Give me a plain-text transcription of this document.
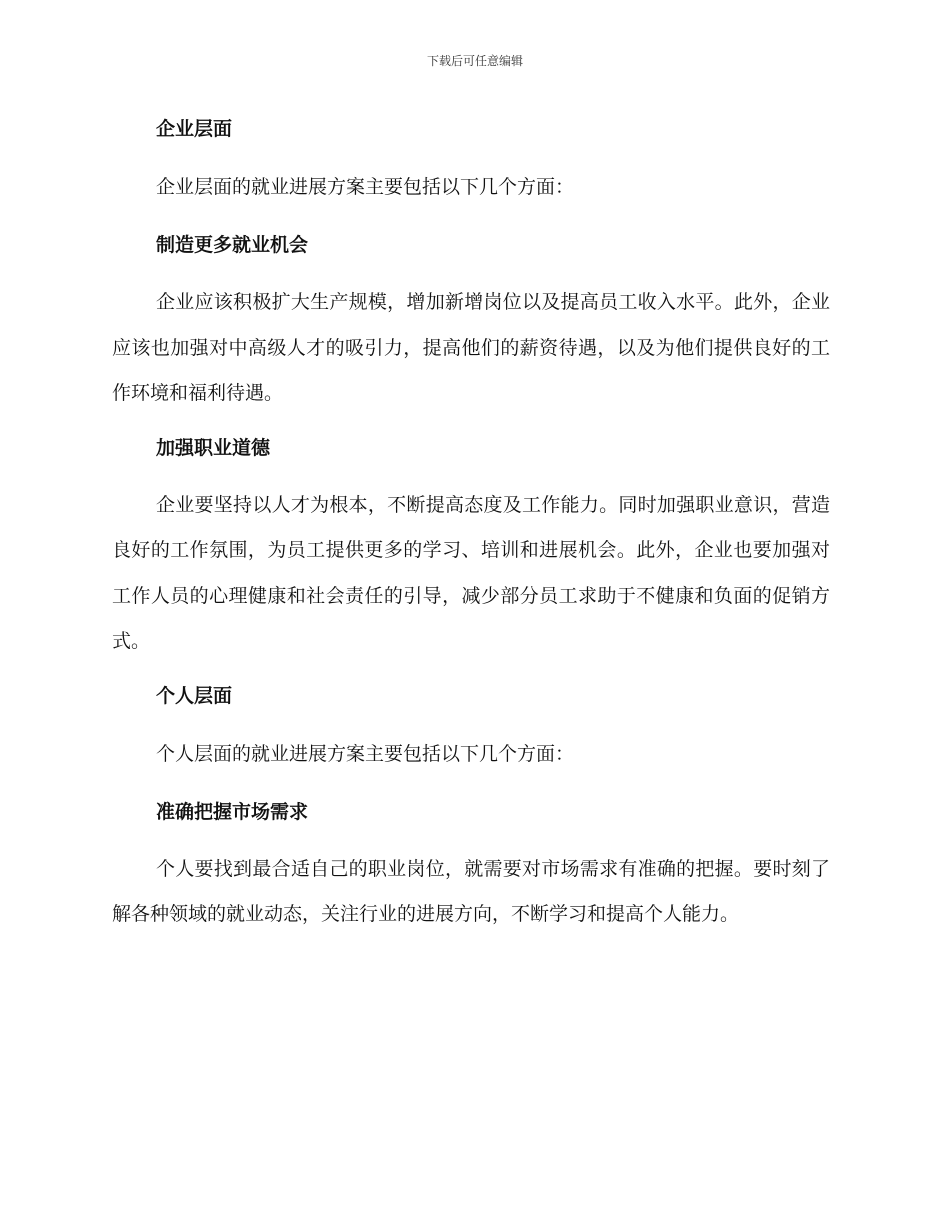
下载后可任意编辑
企业层面
企业层面的就业进展方案主要包括以下几个方面：
制造更多就业机会

企业应该积极扩大生产规模，增加新增岗位以及提高员工收入水平。此外，企业应该也加强对中高级人才的吸引力，提高他们的薪资待遇，以及为他们提供良好的工作环境和福利待遇。

加强职业道德

企业要坚持以人才为根本，不断提高态度及工作能力。同时加强职业意识，营造良好的工作氛围，为员工提供更多的学习、培训和进展机会。此外，企业也要加强对工作人员的心理健康和社会责任的引导，减少部分员工求助于不健康和负面的促销方式。

个人层面
个人层面的就业进展方案主要包括以下几个方面：
准确把握市场需求

个人要找到最合适自己的职业岗位，就需要对市场需求有准确的把握。要时刻了解各种领域的就业动态，关注行业的进展方向，不断学习和提高个人能力。
